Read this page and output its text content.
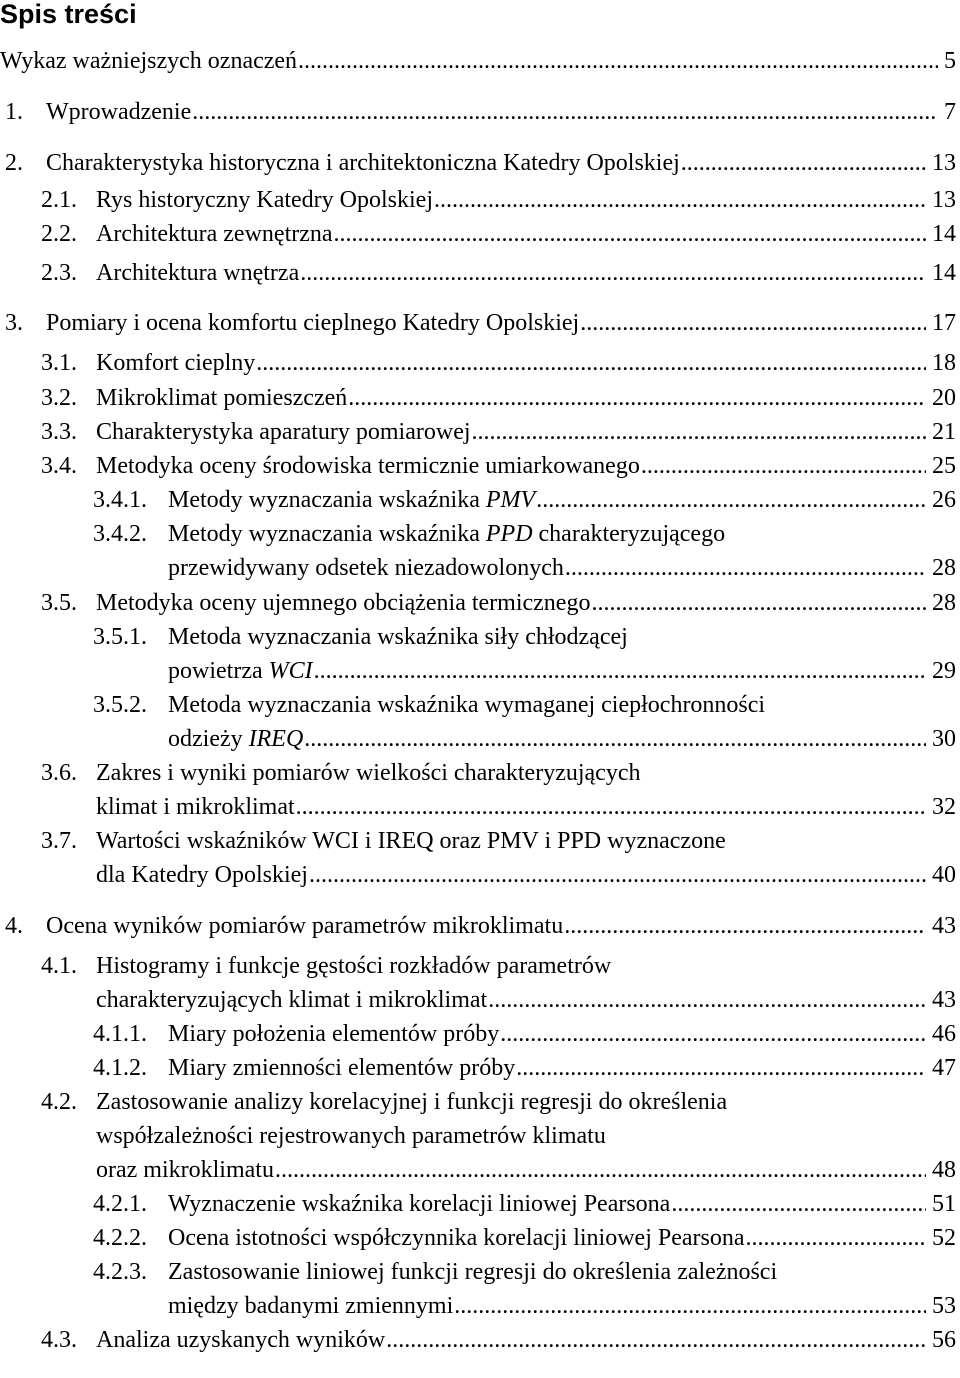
Spis treści
Wykaz ważniejszych oznaczeń .....	5
1. Wprowadzenie .....	7
2. Charakterystyka historyczna i architektoniczna Katedry Opolskiej .....	13
2.1. Rys historyczny Katedry Opolskiej .....	13
2.2. Architektura zewnętrzna .....	14
2.3. Architektura wnętrza .....	14
3. Pomiary i ocena komfortu cieplnego Katedry Opolskiej .....	17
3.1. Komfort cieplny .....	18
3.2. Mikroklimat pomieszczeń .....	20
3.3. Charakterystyka aparatury pomiarowej .....	21
3.4. Metodyka oceny środowiska termicznie umiarkowanego .....	25
3.4.1. Metody wyznaczania wskaźnika PMV .....	26
3.4.2. Metody wyznaczania wskaźnika PPD charakteryzującego
przewidywany odsetek niezadowolonych .....	28
3.5. Metodyka oceny ujemnego obciążenia termicznego .....	28
3.5.1. Metoda wyznaczania wskaźnika siły chłodzącej
powietrza WCI .....	29
3.5.2. Metoda wyznaczania wskaźnika wymaganej ciepłochronności
odzieży IREQ .....	30
3.6. Zakres i wyniki pomiarów wielkości charakteryzujących
klimat i mikroklimat .....	32
3.7. Wartości wskaźników WCI i IREQ oraz PMV i PPD wyznaczone
dla Katedry Opolskiej .....	40
4. Ocena wyników pomiarów parametrów mikroklimatu .....	43
4.1. Histogramy i funkcje gęstości rozkładów parametrów
charakteryzujących klimat i mikroklimat .....	43
4.1.1. Miary położenia elementów próby .....	46
4.1.2. Miary zmienności elementów próby .....	47
4.2. Zastosowanie analizy korelacyjnej i funkcji regresji do określenia
współzależności rejestrowanych parametrów klimatu
oraz mikroklimatu .....	48
4.2.1. Wyznaczenie wskaźnika korelacji liniowej Pearsona .....	51
4.2.2. Ocena istotności współczynnika korelacji liniowej Pearsona .....	52
4.2.3. Zastosowanie liniowej funkcji regresji do określenia zależności
między badanymi zmiennymi .....	53
4.3. Analiza uzyskanych wyników .....	56
